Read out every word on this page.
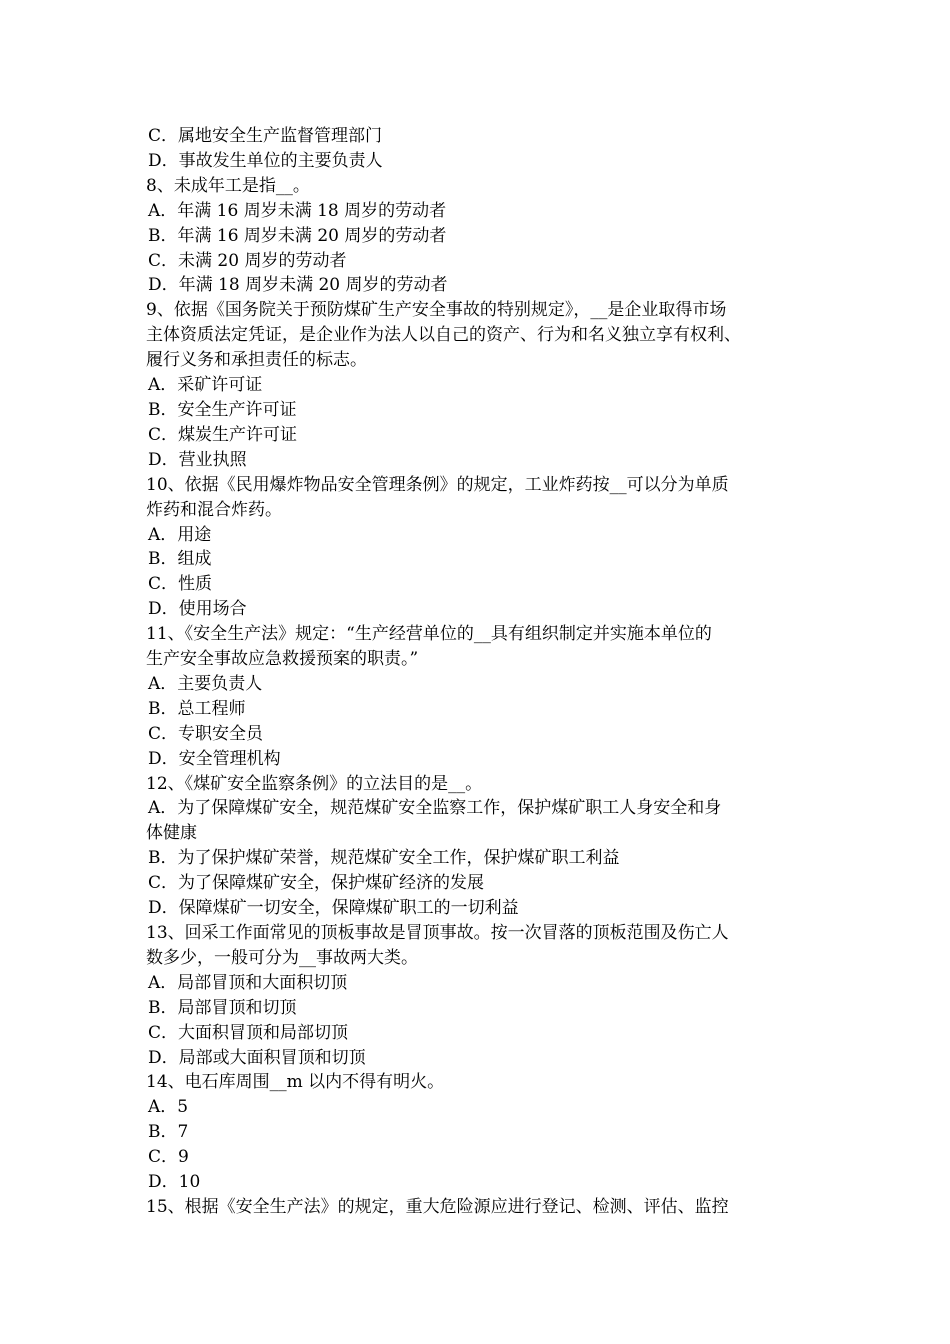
C．属地安全生产监督管理部门
D．事故发生单位的主要负责人
8、未成年工是指__。
A．年满 16 周岁未满 18 周岁的劳动者
B．年满 16 周岁未满 20 周岁的劳动者
C．未满 20 周岁的劳动者
D．年满 18 周岁未满 20 周岁的劳动者
9、依据《国务院关于预防煤矿生产安全事故的特别规定》，__是企业取得市场
主体资质法定凭证，是企业作为法人以自己的资产、行为和名义独立享有权利、
履行义务和承担责任的标志。
A．采矿许可证
B．安全生产许可证
C．煤炭生产许可证
D．营业执照
10、依据《民用爆炸物品安全管理条例》的规定，工业炸药按__可以分为单质
炸药和混合炸药。
A．用途
B．组成
C．性质
D．使用场合
11、《安全生产法》规定：“生产经营单位的__具有组织制定并实施本单位的
生产安全事故应急救援预案的职责。”
A．主要负责人
B．总工程师
C．专职安全员
D．安全管理机构
12、《煤矿安全监察条例》的立法目的是__。
A．为了保障煤矿安全，规范煤矿安全监察工作，保护煤矿职工人身安全和身
体健康
B．为了保护煤矿荣誉，规范煤矿安全工作，保护煤矿职工利益
C．为了保障煤矿安全，保护煤矿经济的发展
D．保障煤矿一切安全，保障煤矿职工的一切利益
13、回采工作面常见的顶板事故是冒顶事故。按一次冒落的顶板范围及伤亡人
数多少，一般可分为__事故两大类。
A．局部冒顶和大面积切顶
B．局部冒顶和切顶
C．大面积冒顶和局部切顶
D．局部或大面积冒顶和切顶
14、电石库周围__m 以内不得有明火。
A．5
B．7
C．9
D．10
15、根据《安全生产法》的规定，重大危险源应进行登记、检测、评估、监控
